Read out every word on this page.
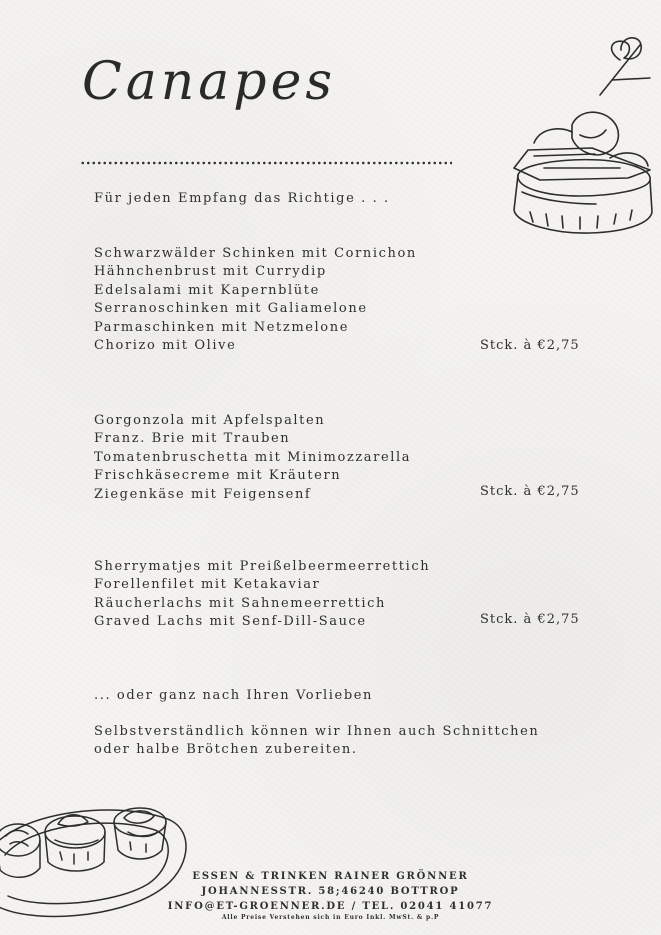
Canapes
Für jeden Empfang das Richtige . . .
Schwarzwälder Schinken mit Cornichon
Hähnchenbrust mit Currydip
Edelsalami mit Kapernblüte
Serranoschinken mit Galiamelone
Parmaschinken mit Netzmelone
Chorizo mit Olive	Stck. à €2,75
Gorgonzola mit Apfelspalten
Franz. Brie mit Trauben
Tomatenbruschetta mit Minimozzarella
Frischkäsecreme mit Kräutern
Ziegenkäse mit Feigensenf	Stck. à €2,75
Sherrymatjes mit Preißelbeermeerrettich
Forellenfilet mit Ketakaviar
Räucherlachs mit Sahnemeerrettich
Graved Lachs mit Senf-Dill-Sauce	Stck. à €2,75
... oder ganz nach Ihren Vorlieben
Selbstverständlich können wir Ihnen auch Schnittchen
oder halbe Brötchen zubereiten.
ESSEN & TRINKEN RAINER GRÖNNER
JOHANNESSTR. 58;46240 BOTTROP
INFO@ET-GROENNER.DE / TEL. 02041 41077
Alle Preise Verstehen sich in Euro Inkl. MwSt. & p.P
